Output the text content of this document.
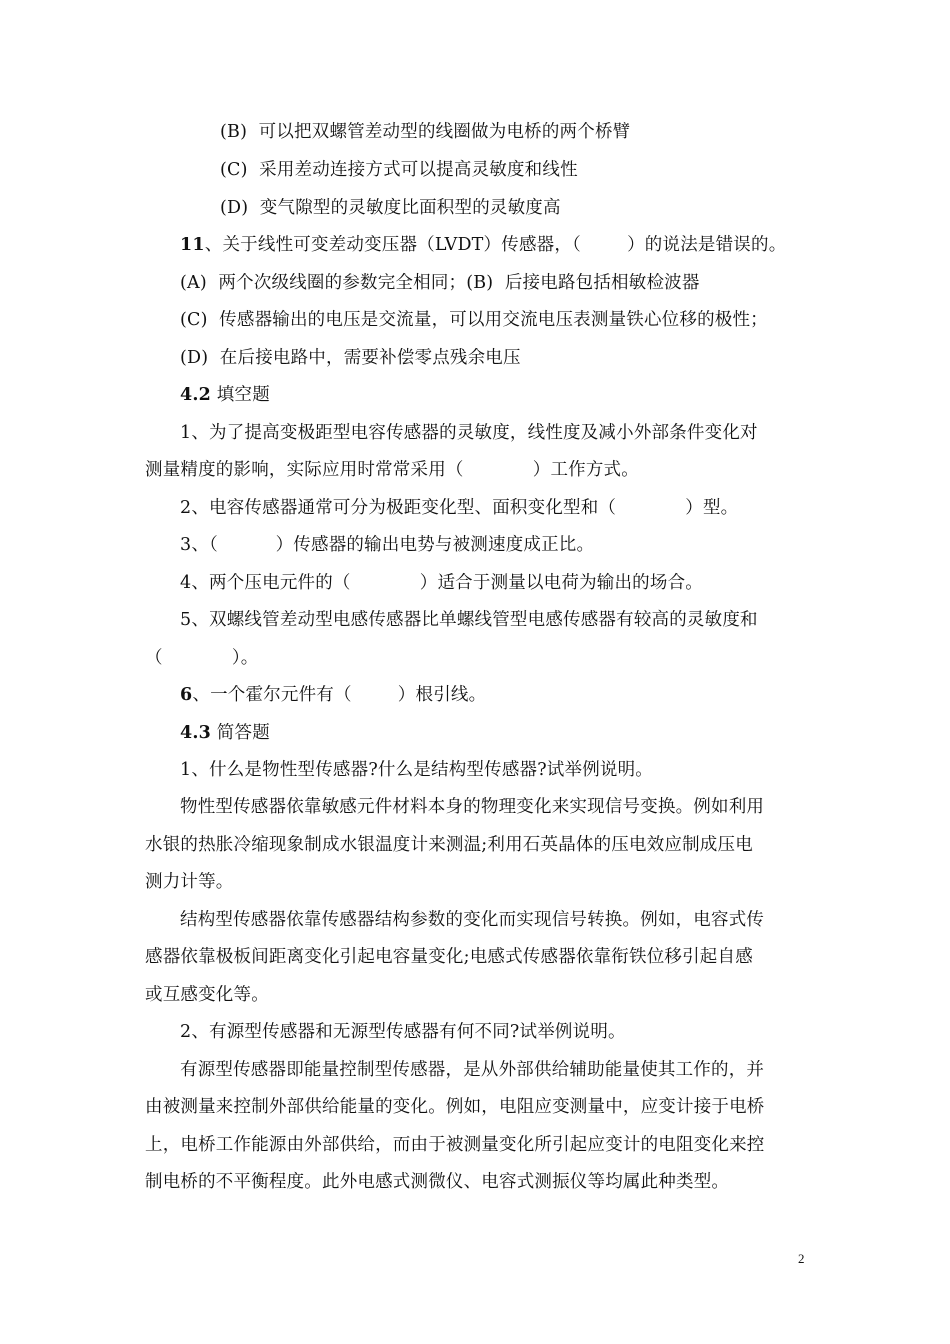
(B)  可以把双螺管差动型的线圈做为电桥的两个桥臂
(C)  采用差动连接方式可以提高灵敏度和线性
(D)  变气隙型的灵敏度比面积型的灵敏度高
11、关于线性可变差动变压器（LVDT）传感器，（        ）的说法是错误的。
(A)  两个次级线圈的参数完全相同；(B)  后接电路包括相敏检波器
(C)  传感器输出的电压是交流量，可以用交流电压表测量铁心位移的极性；
(D)  在后接电路中，需要补偿零点残余电压
4.2 填空题
1、为了提高变极距型电容传感器的灵敏度，线性度及减小外部条件变化对
测量精度的影响，实际应用时常常采用（            ）工作方式。
2、电容传感器通常可分为极距变化型、面积变化型和（            ）型。
3、（          ）传感器的输出电势与被测速度成正比。
4、两个压电元件的（            ）适合于测量以电荷为输出的场合。
5、双螺线管差动型电感传感器比单螺线管型电感传感器有较高的灵敏度和
（            ）。
6、一个霍尔元件有（        ）根引线。
4.3 简答题
1、什么是物性型传感器?什么是结构型传感器?试举例说明。
物性型传感器依靠敏感元件材料本身的物理变化来实现信号变换。例如利用
水银的热胀冷缩现象制成水银温度计来测温;利用石英晶体的压电效应制成压电
测力计等。
结构型传感器依靠传感器结构参数的变化而实现信号转换。例如，电容式传
感器依靠极板间距离变化引起电容量变化;电感式传感器依靠衔铁位移引起自感
或互感变化等。
2、有源型传感器和无源型传感器有何不同?试举例说明。
有源型传感器即能量控制型传感器，是从外部供给辅助能量使其工作的，并
由被测量来控制外部供给能量的变化。例如，电阻应变测量中，应变计接于电桥
上，电桥工作能源由外部供给，而由于被测量变化所引起应变计的电阻变化来控
制电桥的不平衡程度。此外电感式测微仪、电容式测振仪等均属此种类型。
2
